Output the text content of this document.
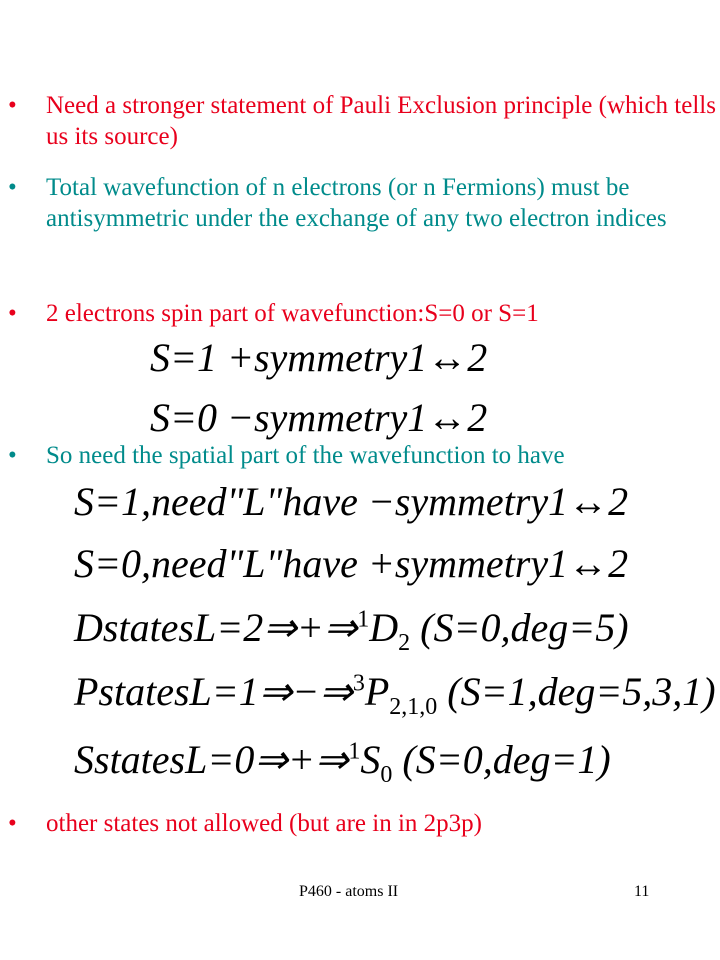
• Need a stronger statement of Pauli Exclusion principle (which tells us its source)
• Total wavefunction of n electrons (or n Fermions) must be antisymmetric under the exchange of any two electron indices
• 2 electrons spin part of wavefunction:S=0 or S=1
S=1 +symmetry1↔2
S=0 −symmetry1↔2
• So need the spatial part of the wavefunction to have
S=1,need"L"have −symmetry1↔2
S=0,need"L"have +symmetry1↔2
$DstatesL=2\Rightarrow+\Rightarrow^1D_2$ (S=0,deg=5)
$PstatesL=1\Rightarrow-\Rightarrow^3P_{2,1,0}$ (S=1,deg=5,3,1)
$SstatesL=0\Rightarrow+\Rightarrow^1S_0$ (S=0,deg=1)
• other states not allowed (but are in in 2p3p)
P460 - atoms II	11
